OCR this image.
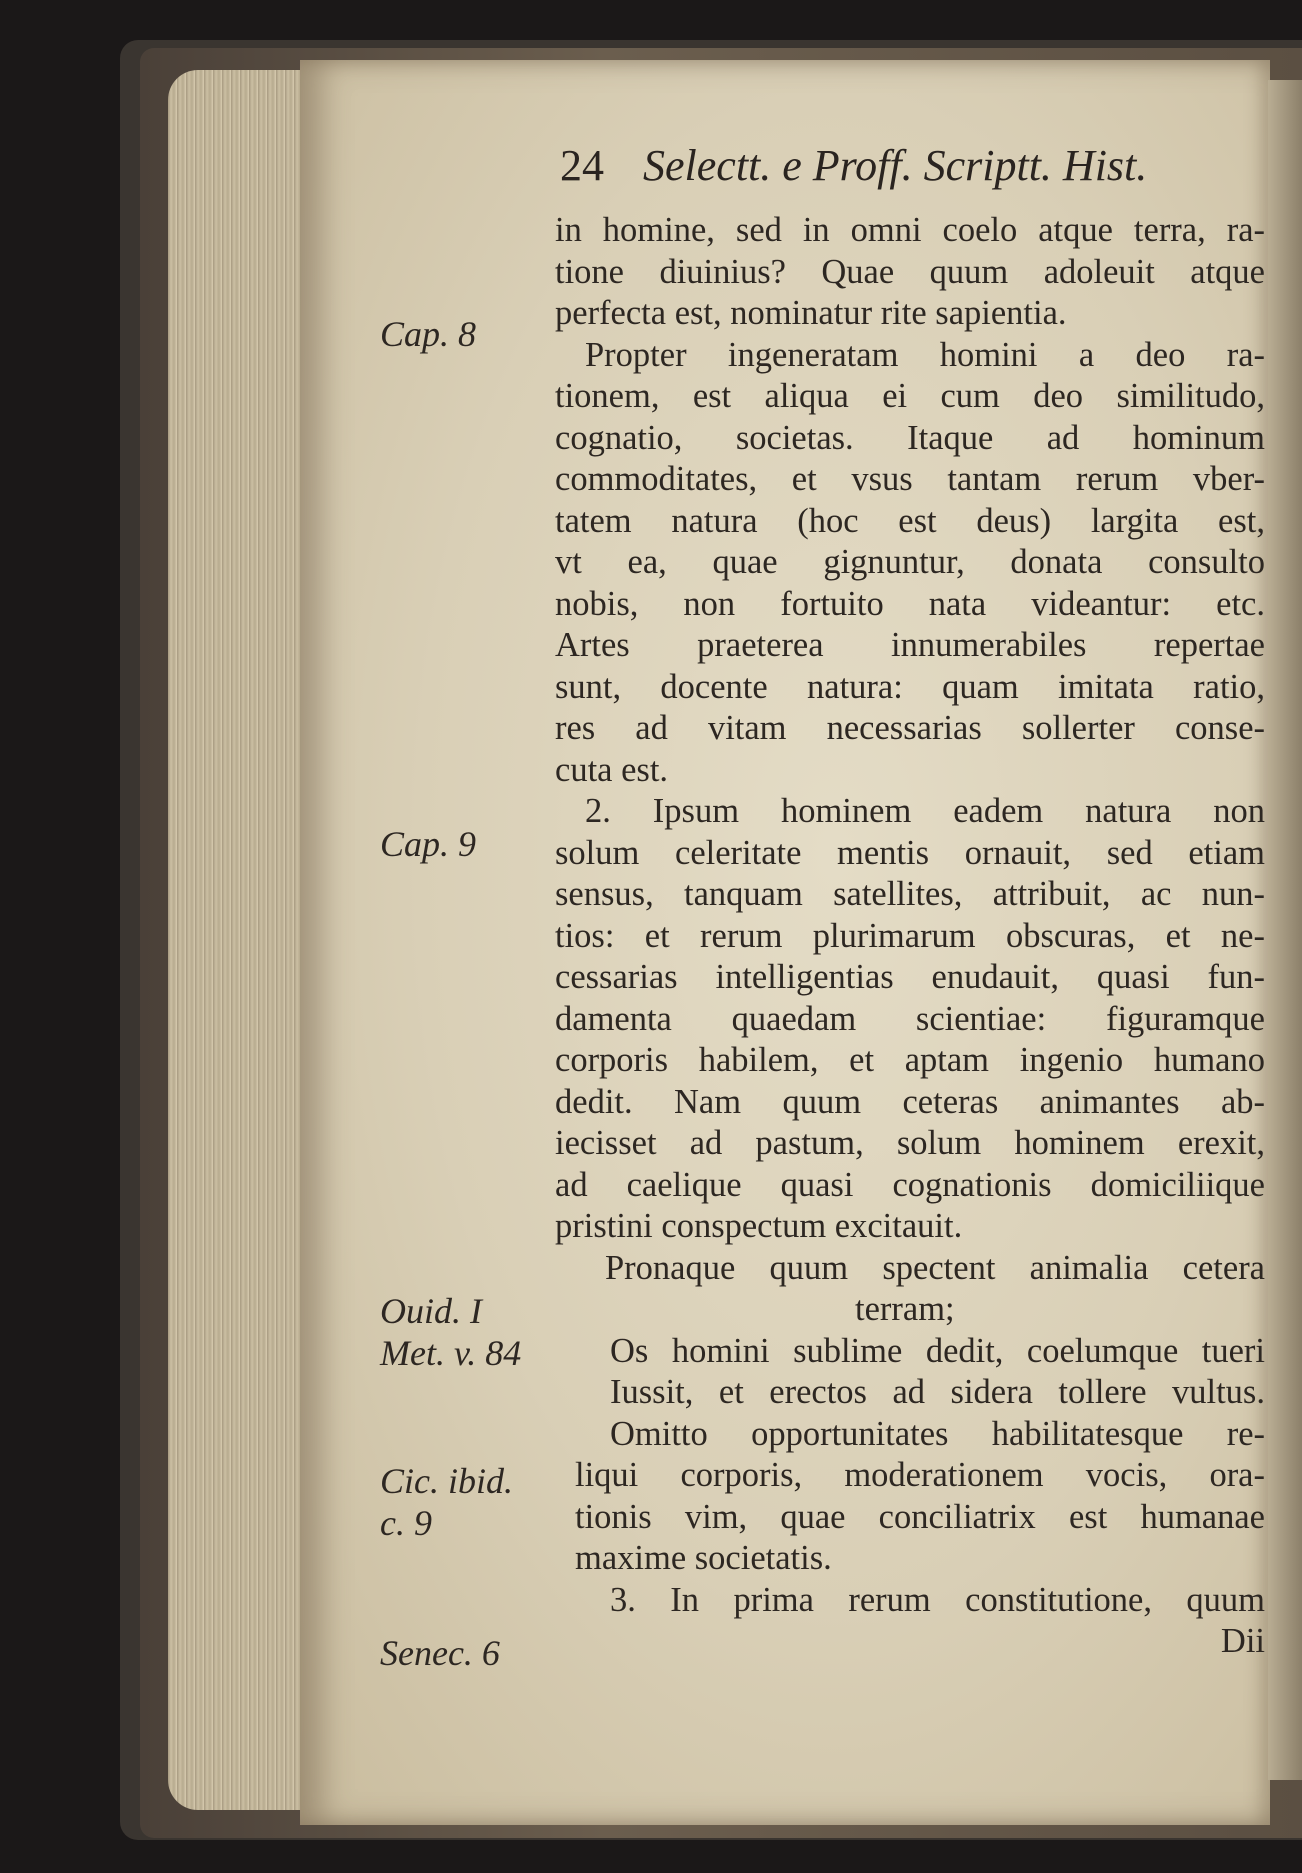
24 Selectt. e Proff. Scriptt. Hist.
Cap. 8
Cap. 9
Ouid. I
Met. v. 84
Cic. ibid.
c. 9
Senec. 6
in homine, sed in omni coelo atque terra, ra-
tione diuinius? Quae quum adoleuit atque
perfecta est, nominatur rite sapientia.
Propter ingeneratam homini a deo ra-
tionem, est aliqua ei cum deo similitudo,
cognatio, societas. Itaque ad hominum
commoditates, et vsus tantam rerum vber-
tatem natura (hoc est deus) largita est,
vt ea, quae gignuntur, donata consulto
nobis, non fortuito nata videantur: etc.
Artes praeterea innumerabiles repertae
sunt, docente natura: quam imitata ratio,
res ad vitam necessarias sollerter conse-
cuta est.
2. Ipsum hominem eadem natura non
solum celeritate mentis ornauit, sed etiam
sensus, tanquam satellites, attribuit, ac nun-
tios: et rerum plurimarum obscuras, et ne-
cessarias intelligentias enudauit, quasi fun-
damenta quaedam scientiae: figuramque
corporis habilem, et aptam ingenio humano
dedit. Nam quum ceteras animantes ab-
iecisset ad pastum, solum hominem erexit,
ad caelique quasi cognationis domiciliique
pristini conspectum excitauit.
Pronaque quum spectent animalia cetera
terram;
Os homini sublime dedit, coelumque tueri
Iussit, et erectos ad sidera tollere vultus.
Omitto opportunitates habilitatesque re-
liqui corporis, moderationem vocis, ora-
tionis vim, quae conciliatrix est humanae
maxime societatis.
3. In prima rerum constitutione, quum
Dii
